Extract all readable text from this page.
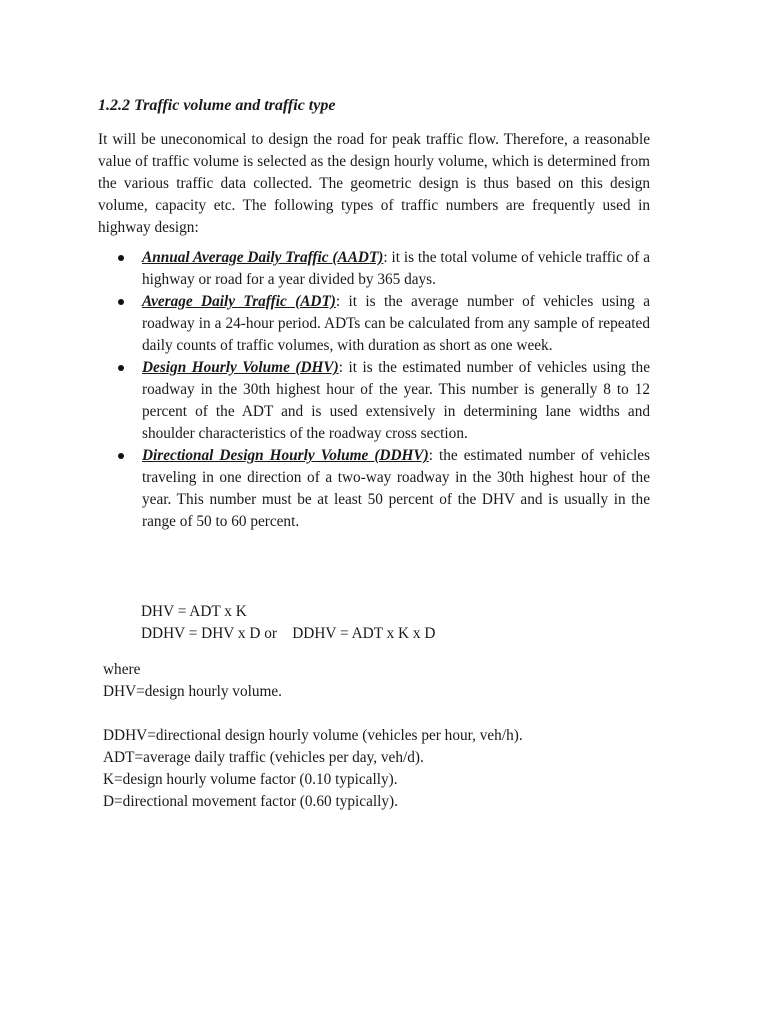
1.2.2 Traffic volume and traffic type

It will be uneconomical to design the road for peak traffic flow. Therefore, a reasonable value of traffic volume is selected as the design hourly volume, which is determined from the various traffic data collected. The geometric design is thus based on this design volume, capacity etc. The following types of traffic numbers are frequently used in highway design:

Annual Average Daily Traffic (AADT): it is the total volume of vehicle traffic of a highway or road for a year divided by 365 days.
Average Daily Traffic (ADT): it is the average number of vehicles using a roadway in a 24-hour period. ADTs can be calculated from any sample of repeated daily counts of traffic volumes, with duration as short as one week.
Design Hourly Volume (DHV): it is the estimated number of vehicles using the roadway in the 30th highest hour of the year. This number is generally 8 to 12 percent of the ADT and is used extensively in determining lane widths and shoulder characteristics of the roadway cross section.
Directional Design Hourly Volume (DDHV): the estimated number of vehicles traveling in one direction of a two-way roadway in the 30th highest hour of the year. This number must be at least 50 percent of the DHV and is usually in the range of 50 to 60 percent.
DHV = ADT x K
DDHV = DHV x D or    DDHV = ADT x K x D
where
DHV=design hourly volume.
DDHV=directional design hourly volume (vehicles per hour, veh/h).
ADT=average daily traffic (vehicles per day, veh/d).
K=design hourly volume factor (0.10 typically).
D=directional movement factor (0.60 typically).
